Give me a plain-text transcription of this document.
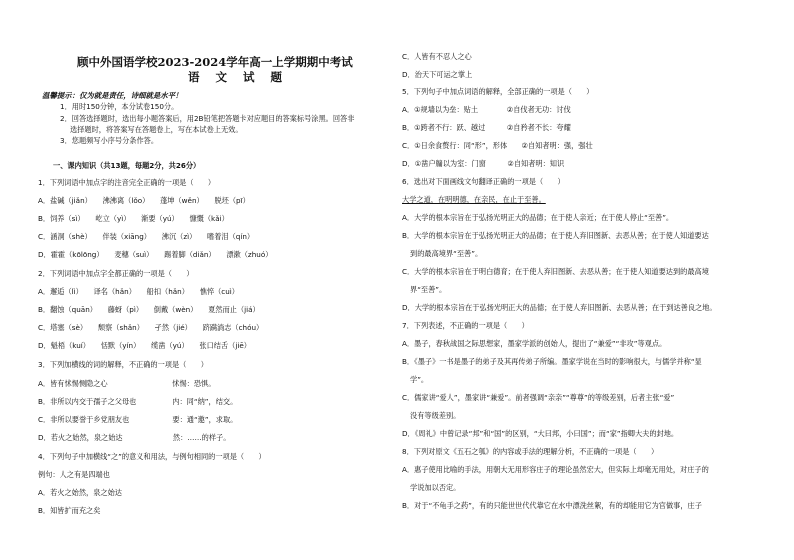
顾中外国语学校2023-2024学年高一上学期期中考试
语 文 试 题
温馨提示：仅为就是责任，诗细就是水平！
1．用时150分钟，本分试卷150分。
2．回答选择题时，选出每小题答案后，用2B铅笔把答题卡对应题目的答案标号涂黑。回答非
选择题时，将答案写在答题卷上，写在本试卷上无效。
3．您题频写小序号分条作答。
一、课内知识（共13题，每题2分，共26分）
1．下列词语中加点字的注音完全正确的一项是（　　）
A．盐碱（jiǎn）　　沸沸离（lǒo）　　蓬坤（wěn）　　脱坯（pī）
B．饲养（sì）　　屹立（yì）　　渐要（yú）　　慷慨（kǎi）
C．涵洞（shè）　　伴装（xiāng）　　沸沉（zì）　　嗜着泪（qín）
D．霍霍（kōlōng）　　麦穗（suì）　　踢着脚（diǎn）　　漂漱（zhuó）
2．下列词语中加点字全都正确的一项是（　　）
A．邂逅（lì）　　译名（hǎn）　　船扣（hǎn）　　憔悴（cuì）
B．翻蚀（quān）　　藤蚜（pì）　　倒戴（wèn）　　夏然而止（jiá）
C．塔塞（sè）　　颓察（shǎn）　　孑然（jié）　　跻蹒淌志（chóu）
D．魁梧（kuí）　　恬默（yín）　　缆凿（yú）　　张口结舌（jiē）
3．下列加横线的词的解释，不正确的一项是（　　）
A．皆有怵惕恻隐之心　　　　　　　　　怵惕：恐惧。
B．非所以内交于孺子之父母也　　　　　内：同“纳”，结交。
C．非所以要誉于乡党朋友也　　　　　　要：通“邀”，求取。
D．若火之始然，泉之始达　　　　　　　然：……的样子。
4．下列句子中加横线“之”的意义和用法，与例句相同的一项是（　　）
例句：人之有是四端也
A．若火之始然，泉之始达
B．知皆扩而充之矣
C．人皆有不忍人之心
D．治天下可运之掌上
5．下列句子中加点词语的解释，全部正确的一项是（　　）
A．①规墙以为垒：贴土　　　　②自伐者无功：讨伐
B．①跨者不行：跃、越过　　　②自矜者不长：夸耀
C．①日余食赘行：同“形”，形体　　②自知者明：强，强壮
D．①凿户牖以为室：门窗　　　②自知者明：知识
6．选出对下面画线文句翻译正确的一项是（　　）
大学之道，在明明德，在亲民，在止于至善。
A．大学的根本宗旨在于弘扬光明正大的品德；在于使人亲近；在于使人停止“至善”。
B．大学的根本宗旨在于弘扬光明正大的品德；在于使人弃旧图新、去恶从善；在于使人知道要达
到的最高境界“至善”。
C．大学的根本宗旨在于明白德育；在于使人弃旧图新、去恶从善；在于使人知道要达到的最高境
界“至善”。
D．大学的根本宗旨在于弘扬光明正大的品德；在于使人弃旧图新、去恶从善；在于到达善良之地。
7．下列表述，不正确的一项是（　　）
A．墨子，春秋战国之际思想家，墨家学派的创始人，提出了“兼爱”“非攻”等观点。
B．《墨子》一书是墨子的弟子及其再传弟子所编。墨家学说在当时的影响很大，与儒学并称“显
学”。
C．儒家讲“爱人”，墨家讲“兼爱”。前者强调“亲亲”“尊尊”的等级差别，后者主张“爱”
没有等级差别。
D．《周礼》中曾记录“邦”和“国”的区别，“大曰邦，小曰国”；而“家”指卿大夫的封地。
8．下列对原文《五石之瓠》的内容或手法的理解分析，不正确的一项是（　　）
A．惠子使用比喻的手法，用朝大无用形容庄子的理论虽然宏大，但实际上却毫无用处，对庄子的
学说加以否定。
B．对于“不龟手之药”，有的只能世世代代靠它在水中漂洗丝絮，有的却能用它为官做事，庄子
